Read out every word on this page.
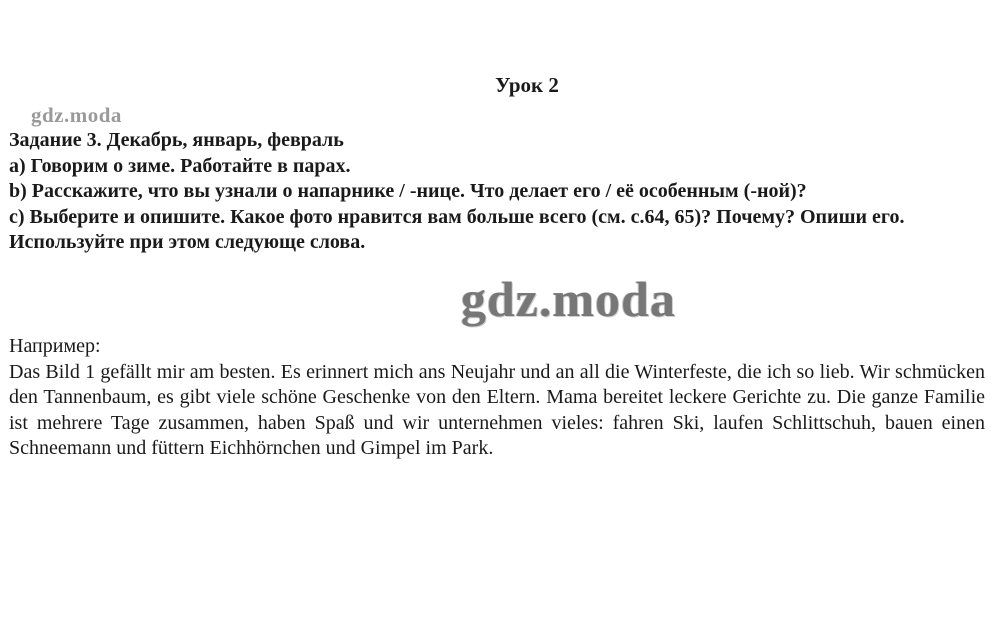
Урок 2
gdz.moda

Задание 3. Декабрь, январь, февраль

a) Говорим о зиме. Работайте в парах.

b) Расскажите, что вы узнали о напарнике / -нице. Что делает его / её особенным (-ной)?

c) Выберите и опишите. Какое фото нравится вам больше всего (см. с.64, 65)? Почему? Опиши его.

Используйте при этом следующе слова.

Например:

Das Bild 1 gefällt mir am besten. Es erinnert mich ans Neujahr und an all die Winterfeste, die ich so lieb. Wir schmücken den Tannenbaum, es gibt viele schöne Geschenke von den Eltern. Mama bereitet leckere Gerichte zu. Die ganze Familie ist mehrere Tage zusammen, haben Spaß und wir unternehmen vieles: fahren Ski, laufen Schlittschuh, bauen einen Schneemann und füttern Eichhörnchen und Gimpel im Park.

gdz.moda
